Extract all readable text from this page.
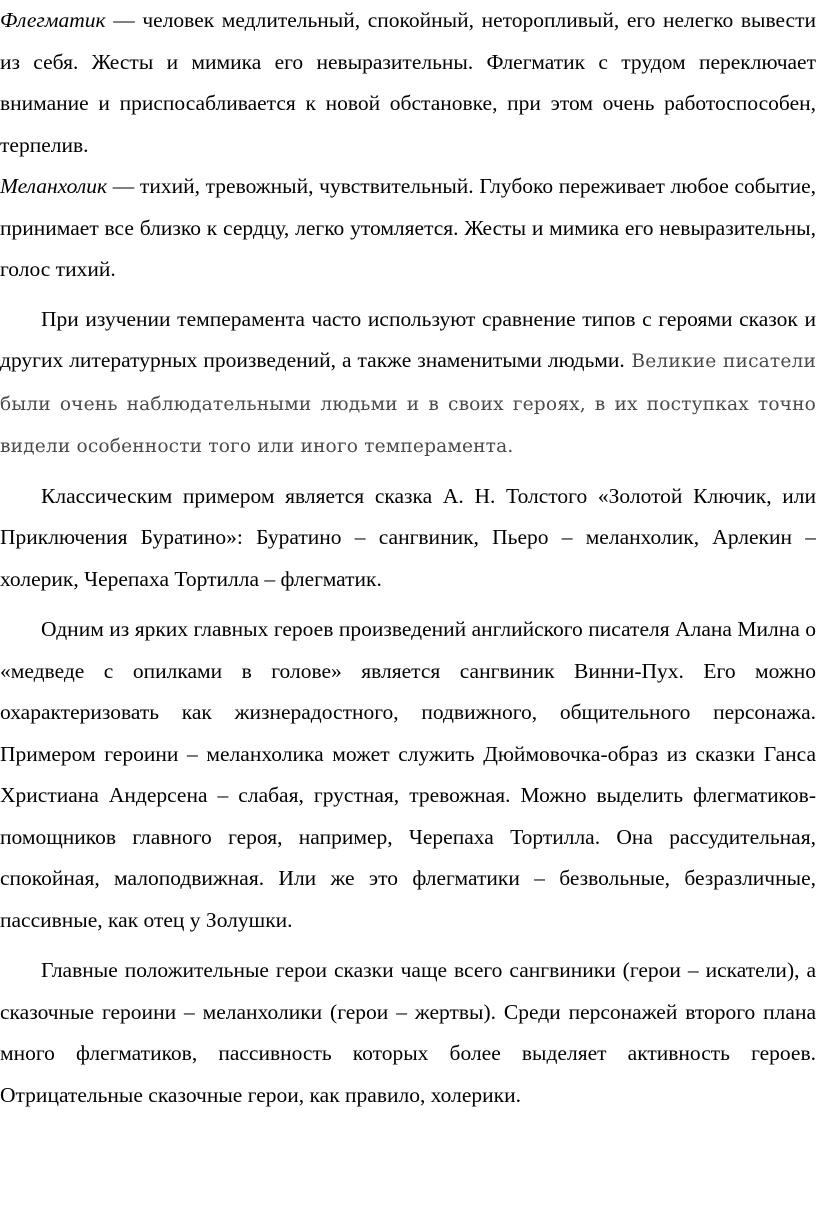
Флегматик — человек медлительный, спокойный, неторопливый, его нелегко вывести из себя. Жесты и мимика его невыразительны. Флегматик с трудом переключает внимание и приспосабливается к новой обстановке, при этом очень работоспособен, терпелив.

Меланхолик — тихий, тревожный, чувствительный. Глубоко переживает любое событие, принимает все близко к сердцу, легко утомляется. Жесты и мимика его невыразительны, голос тихий.

При изучении темперамента часто используют сравнение типов с героями сказок и других литературных произведений, а также знаменитыми людьми. Великие писатели были очень наблюдательными людьми и в своих героях, в их поступках точно видели особенности того или иного темперамента.

Классическим примером является сказка А. Н. Толстого «Золотой Ключик, или Приключения Буратино»: Буратино – сангвиник, Пьеро – меланхолик, Арлекин – холерик, Черепаха Тортилла – флегматик.

Одним из ярких главных героев произведений английского писателя Алана Милна о «медведе с опилками в голове» является сангвиник Винни-Пух. Его можно охарактеризовать как жизнерадостного, подвижного, общительного персонажа. Примером героини – меланхолика может служить Дюймовочка-образ из сказки Ганса Христиана Андерсена – слабая, грустная, тревожная. Можно выделить флегматиков-помощников главного героя, например, Черепаха Тортилла. Она рассудительная, спокойная, малоподвижная. Или же это флегматики – безвольные, безразличные, пассивные, как отец у Золушки.

Главные положительные герои сказки чаще всего сангвиники (герои – искатели), а сказочные героини – меланхолики (герои – жертвы). Среди персонажей второго плана много флегматиков, пассивность которых более выделяет активность героев. Отрицательные сказочные герои, как правило, холерики.
